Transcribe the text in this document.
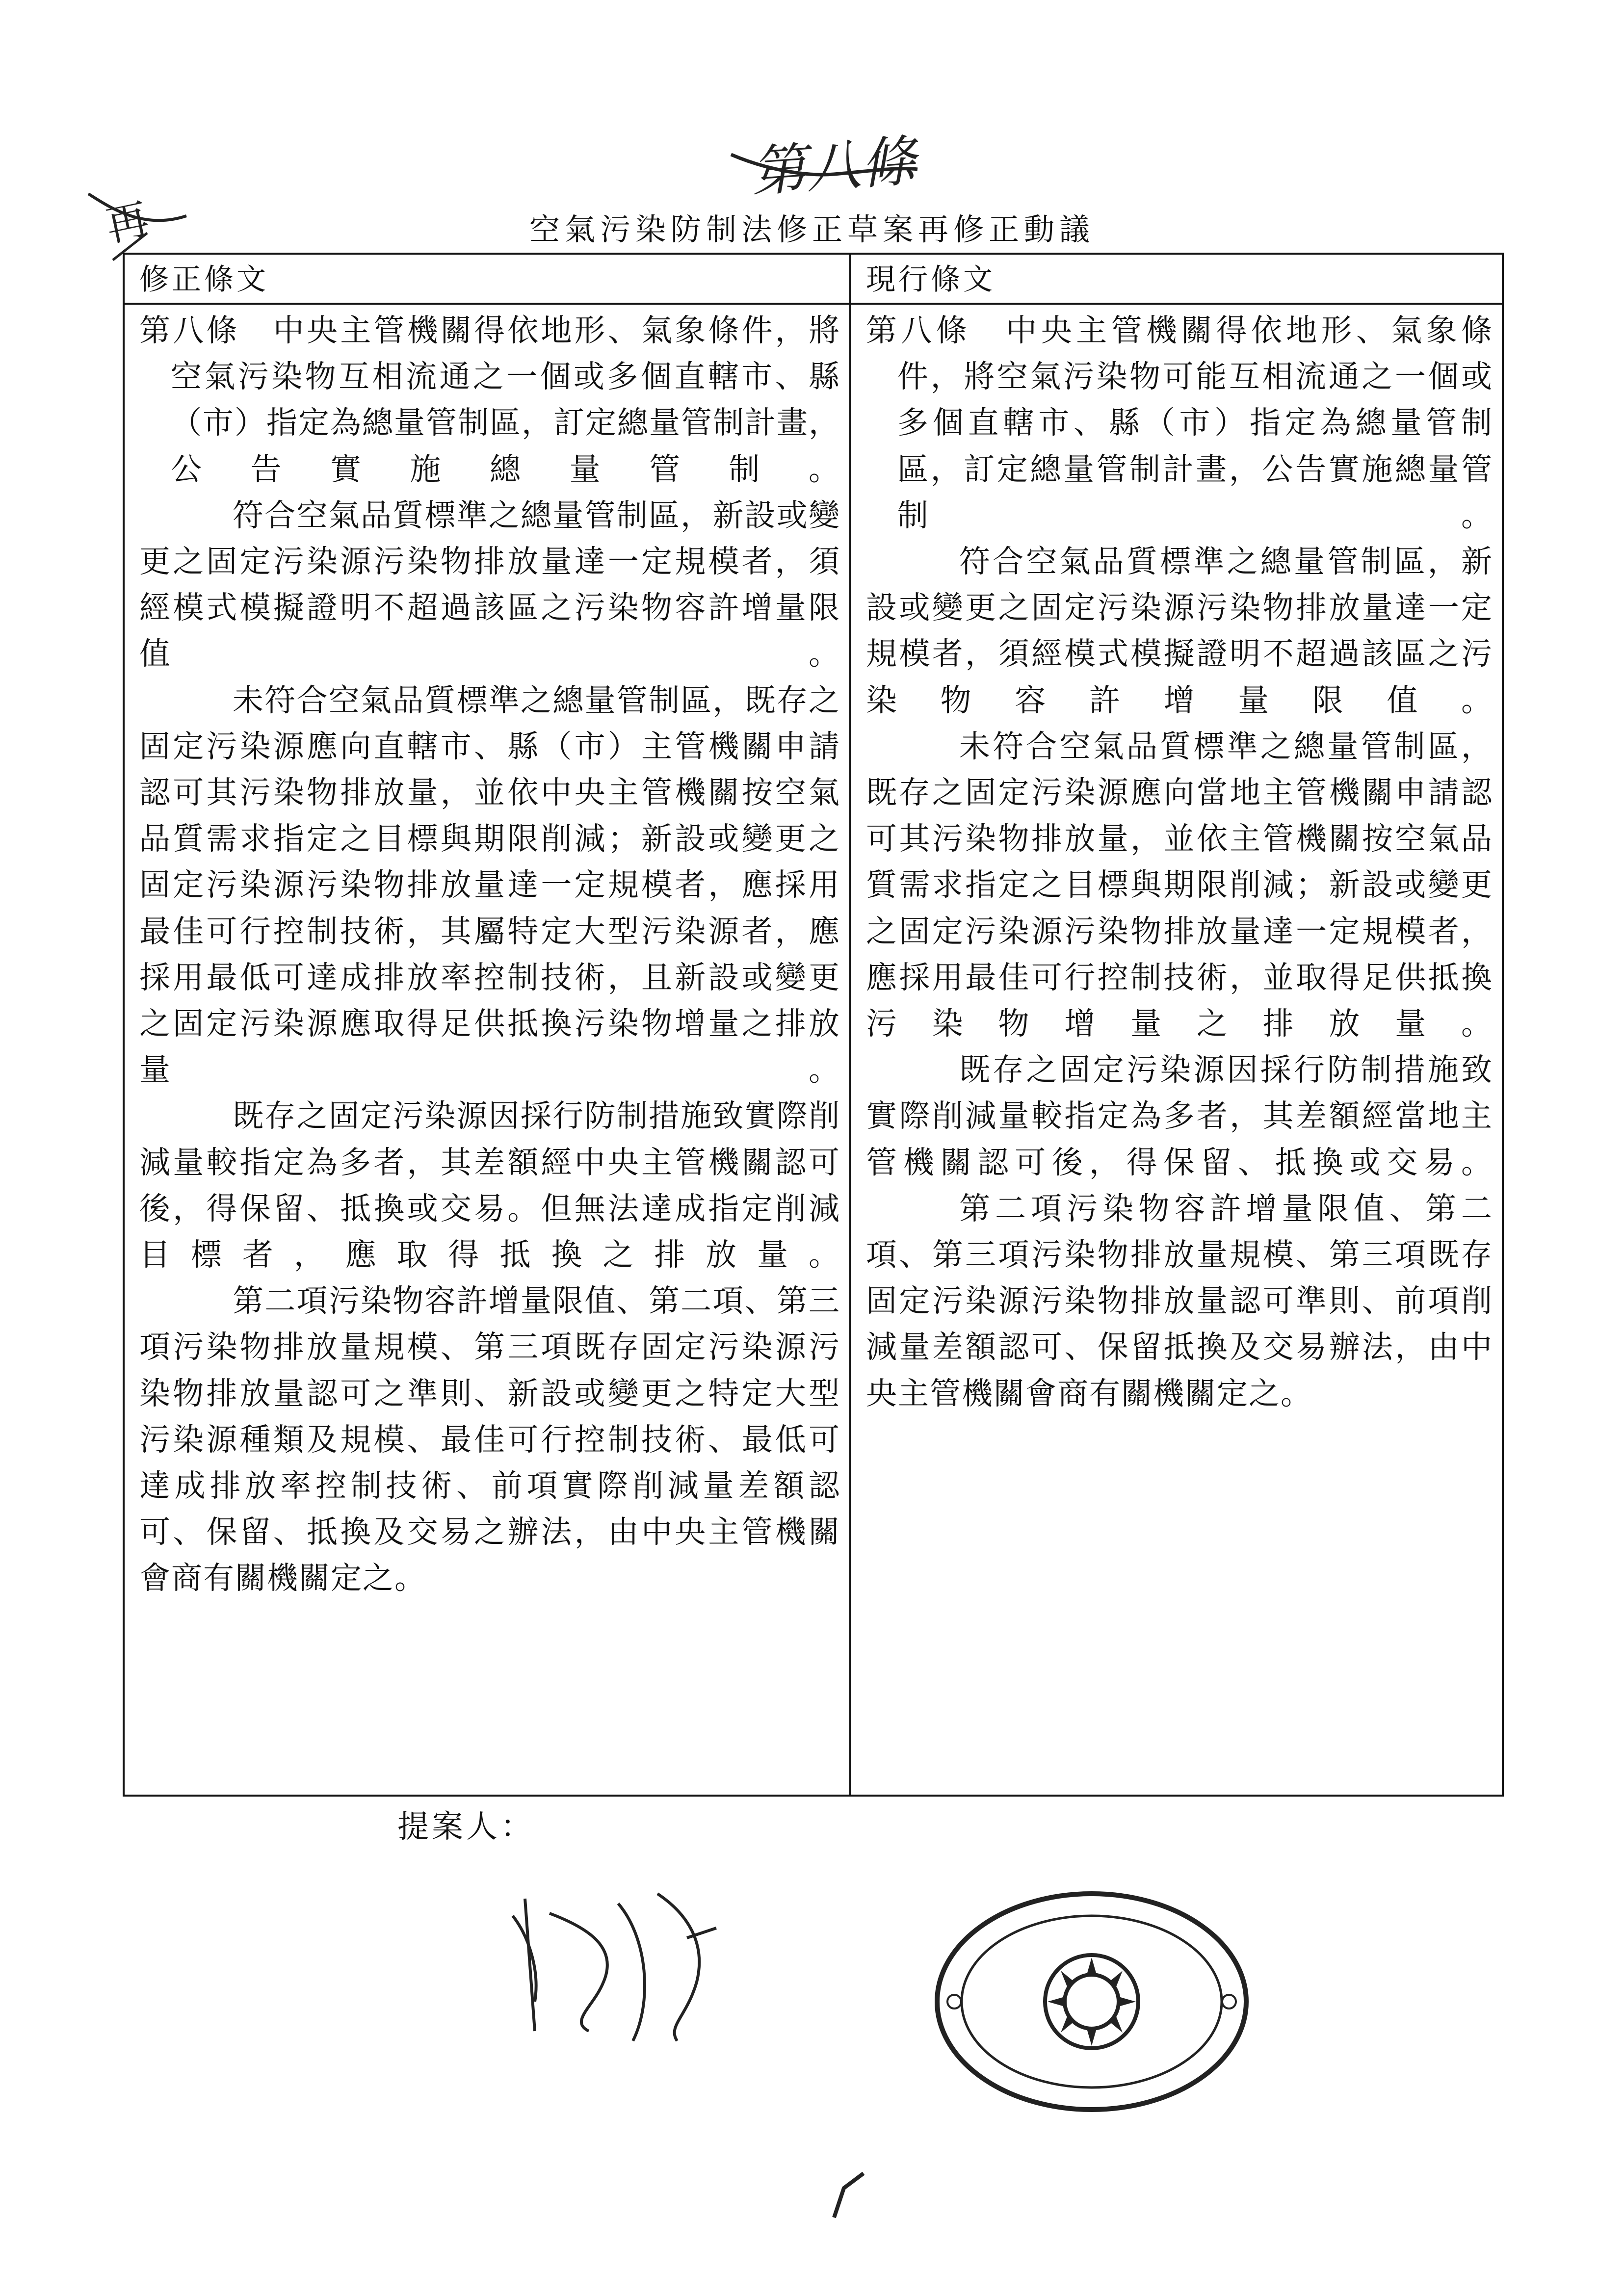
第八條
再	空氣污染防制法修正草案再修正動議
修正條文

第八條　中央主管機關得依地形、氣象條件，將空氣污染物互相流通之一個或多個直轄市、縣（市）指定為總量管制區，訂定總量管制計畫，公告實施總量管制。

符合空氣品質標準之總量管制區，新設或變更之固定污染源污染物排放量達一定規模者，須經模式模擬證明不超過該區之污染物容許增量限值。

未符合空氣品質標準之總量管制區，既存之固定污染源應向直轄市、縣（市）主管機關申請認可其污染物排放量，並依中央主管機關按空氣品質需求指定之目標與期限削減；新設或變更之固定污染源污染物排放量達一定規模者，應採用最佳可行控制技術，其屬特定大型污染源者，應採用最低可達成排放率控制技術，且新設或變更之固定污染源應取得足供抵換污染物增量之排放量。

既存之固定污染源因採行防制措施致實際削減量較指定為多者，其差額經中央主管機關認可後，得保留、抵換或交易。但無法達成指定削減目標者，應取得抵換之排放量。

第二項污染物容許增量限值、第二項、第三項污染物排放量規模、第三項既存固定污染源污染物排放量認可之準則、新設或變更之特定大型污染源種類及規模、最佳可行控制技術、最低可達成排放率控制技術、前項實際削減量差額認可、保留、抵換及交易之辦法，由中央主管機關會商有關機關定之。

現行條文

第八條　中央主管機關得依地形、氣象條件，將空氣污染物可能互相流通之一個或多個直轄市、縣（市）指定為總量管制區，訂定總量管制計畫，公告實施總量管制。

符合空氣品質標準之總量管制區，新設或變更之固定污染源污染物排放量達一定規模者，須經模式模擬證明不超過該區之污染物容許增量限值。

未符合空氣品質標準之總量管制區，既存之固定污染源應向當地主管機關申請認可其污染物排放量，並依主管機關按空氣品質需求指定之目標與期限削減；新設或變更之固定污染源污染物排放量達一定規模者，應採用最佳可行控制技術，並取得足供抵換污染物增量之排放量。

既存之固定污染源因採行防制措施致實際削減量較指定為多者，其差額經當地主管機關認可後，得保留、抵換或交易。

第二項污染物容許增量限值、第二項、第三項污染物排放量規模、第三項既存固定污染源污染物排放量認可準則、前項削減量差額認可、保留抵換及交易辦法，由中央主管機關會商有關機關定之。

提案人：
